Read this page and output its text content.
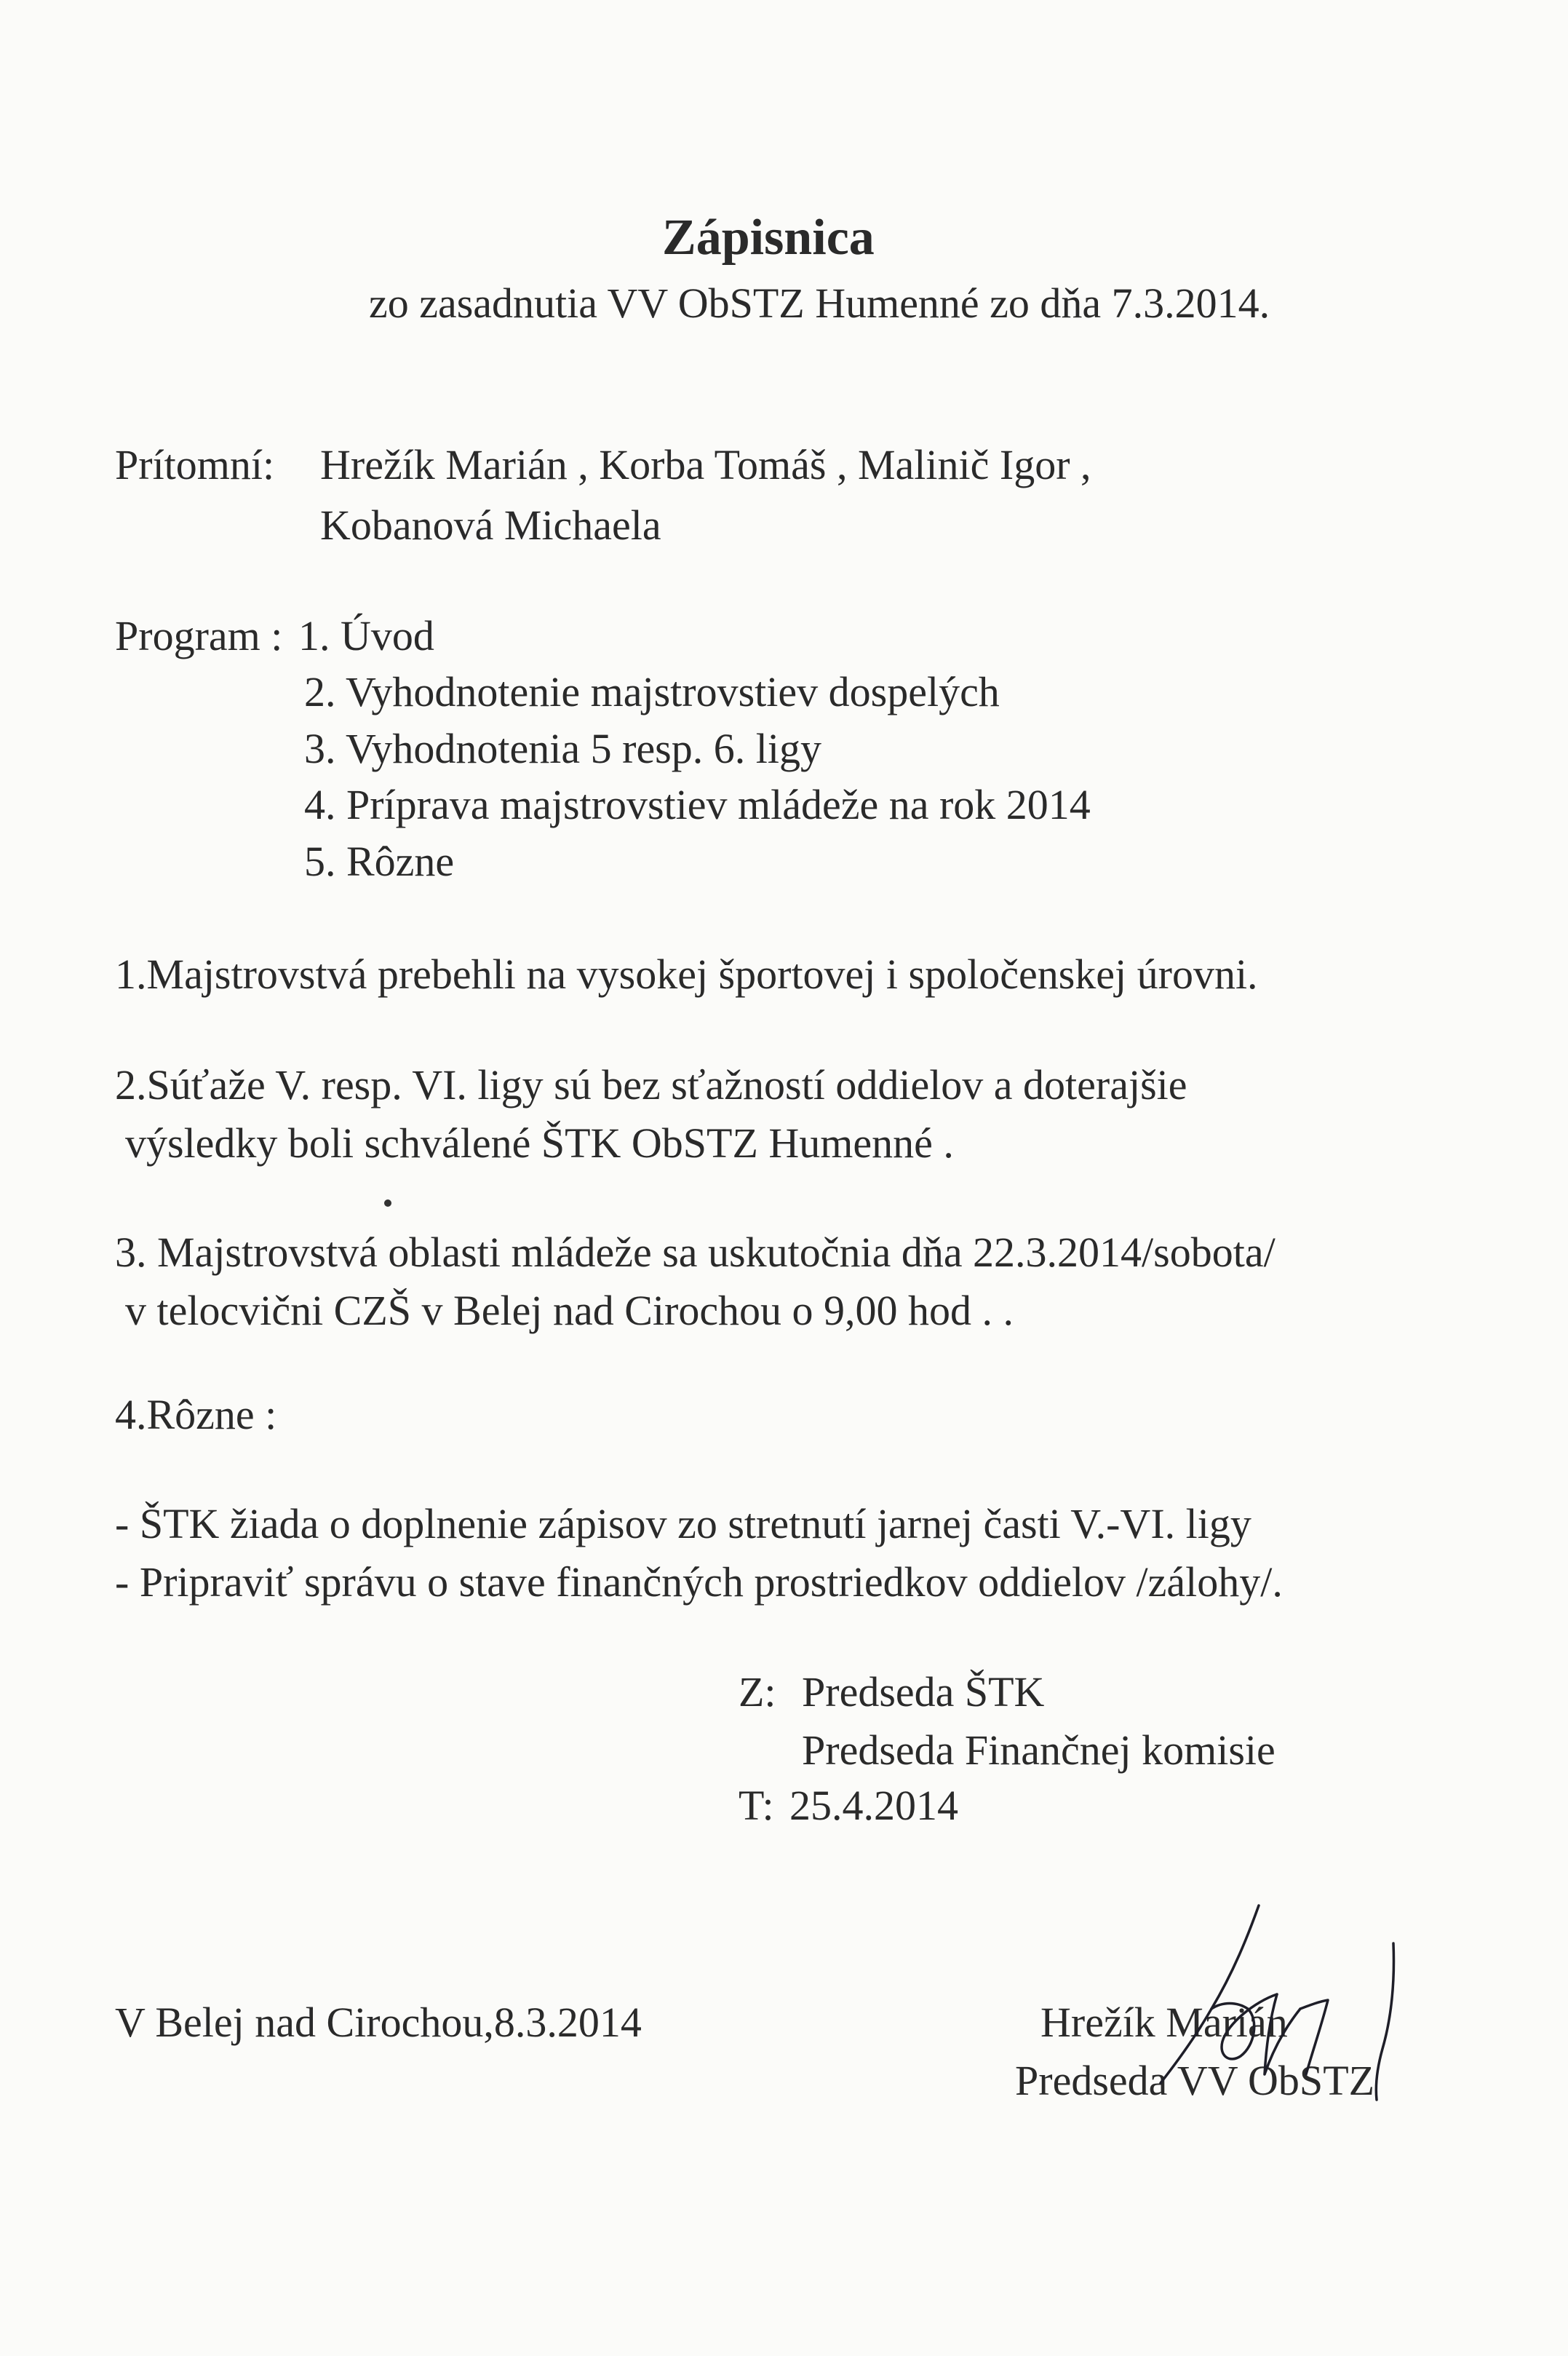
Zápisnica
zo zasadnutia VV ObSTZ Humenné zo dňa 7.3.2014.
Prítomní: Hrežík Marián , Korba Tomáš , Malinič Igor ,
Kobanová Michaela
Program : 1. Úvod
2. Vyhodnotenie majstrovstiev dospelých
3. Vyhodnotenia 5 resp. 6. ligy
4. Príprava majstrovstiev mládeže na rok 2014
5. Rôzne
1.Majstrovstvá prebehli na vysokej športovej i spoločenskej úrovni.
2.Súťaže V. resp. VI. ligy sú bez sťažností oddielov a doterajšie
výsledky boli schválené ŠTK ObSTZ Humenné .
3. Majstrovstvá oblasti mládeže sa uskutočnia dňa 22.3.2014/sobota/
v telocvični CZŠ v Belej nad Cirochou o 9,00 hod . .
4.Rôzne :
- ŠTK žiada o doplnenie zápisov zo stretnutí jarnej časti V.-VI. ligy
- Pripraviť správu o stave finančných prostriedkov oddielov /zálohy/.
Z: Predseda ŠTK
Predseda Finančnej komisie
T: 25.4.2014
V Belej nad Cirochou,8.3.2014	Hrežík Marián
Predseda VV ObSTZ
